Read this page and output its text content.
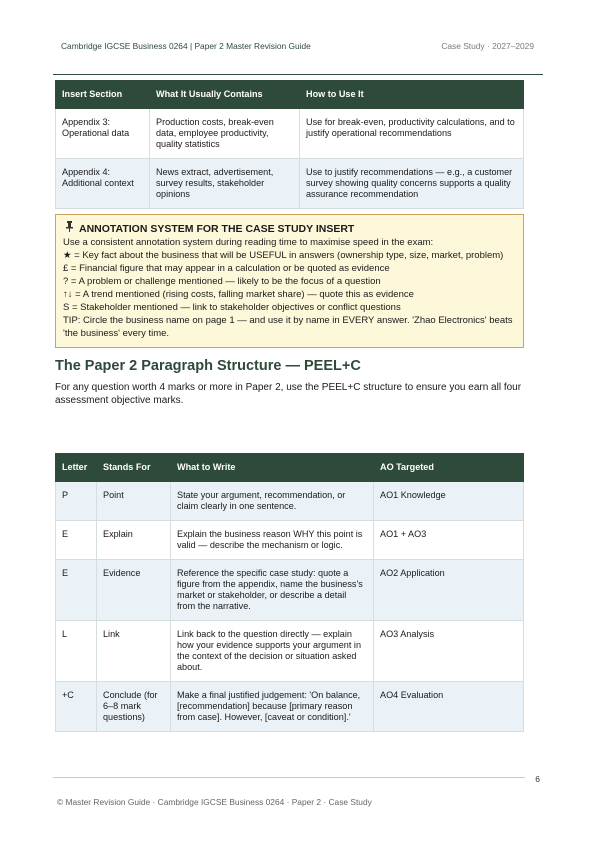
Cambridge IGCSE Business 0264 | Paper 2 Master Revision Guide	Case Study · 2027–2029
Insert Section	What It Usually Contains	How to Use It
Appendix 3: Operational data	Production costs, break-even data, employee productivity, quality statistics	Use for break-even, productivity calculations, and to justify operational recommendations
Appendix 4: Additional context	News extract, advertisement, survey results, stakeholder opinions	Use to justify recommendations — e.g., a customer survey showing quality concerns supports a quality assurance recommendation
ANNOTATION SYSTEM FOR THE CASE STUDY INSERT

Use a consistent annotation system during reading time to maximise speed in the exam:

★ = Key fact about the business that will be USEFUL in answers (ownership type, size, market, problem)

£ = Financial figure that may appear in a calculation or be quoted as evidence

? = A problem or challenge mentioned — likely to be the focus of a question

↑↓ = A trend mentioned (rising costs, falling market share) — quote this as evidence

S = Stakeholder mentioned — link to stakeholder objectives or conflict questions

TIP: Circle the business name on page 1 — and use it by name in EVERY answer. 'Zhao Electronics' beats 'the business' every time.

The Paper 2 Paragraph Structure — PEEL+C
For any question worth 4 marks or more in Paper 2, use the PEEL+C structure to ensure you earn all four assessment objective marks.
Letter	Stands For	What to Write	AO Targeted
P	Point	State your argument, recommendation, or claim clearly in one sentence.	AO1 Knowledge
E	Explain	Explain the business reason WHY this point is valid — describe the mechanism or logic.	AO1 + AO3
E	Evidence	Reference the specific case study: quote a figure from the appendix, name the business's market or stakeholder, or describe a detail from the narrative.	AO2 Application
L	Link	Link back to the question directly — explain how your evidence supports your argument in the context of the decision or situation asked about.	AO3 Analysis
+C	Conclude (for 6–8 mark questions)	Make a final justified judgement: 'On balance, [recommendation] because [primary reason from case]. However, [caveat or condition].'	AO4 Evaluation
6
© Master Revision Guide · Cambridge IGCSE Business 0264 · Paper 2 · Case Study
